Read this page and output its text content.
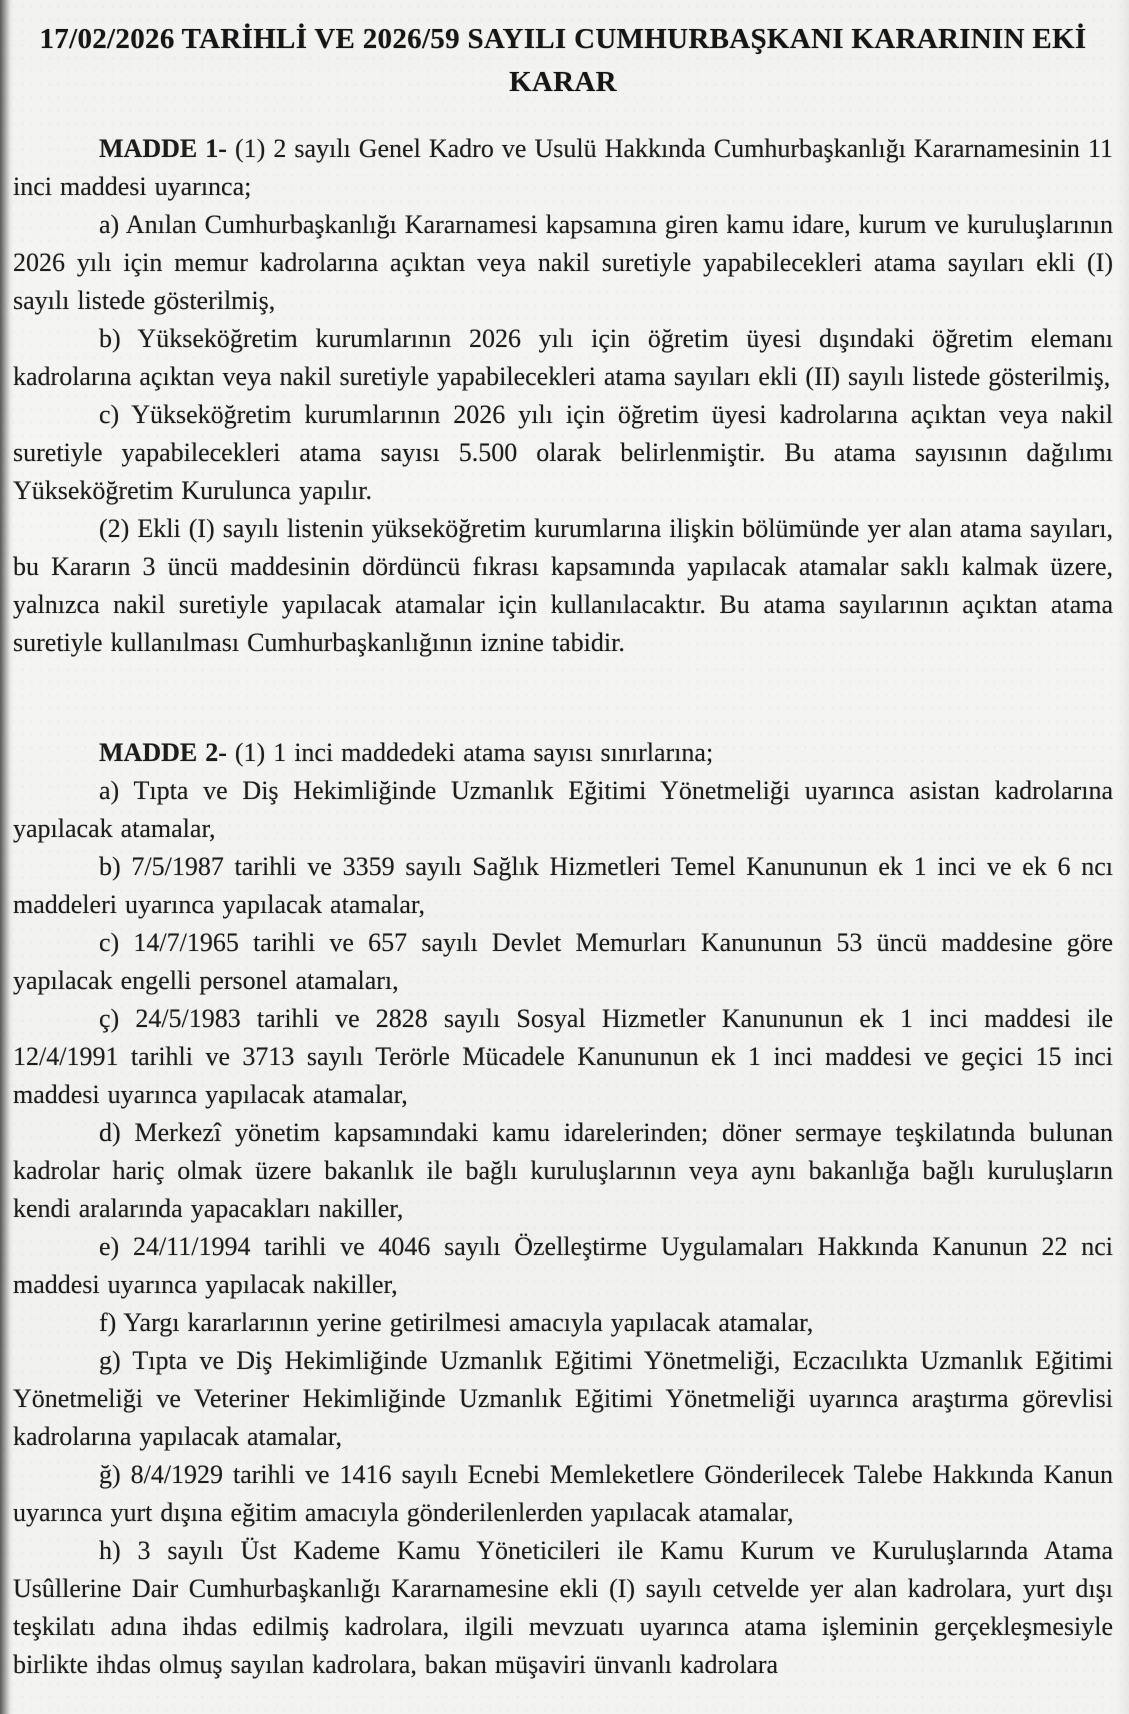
17/02/2026 TARİHLİ VE 2026/59 SAYILI CUMHURBAŞKANI KARARININ EKİ
KARAR

MADDE 1- (1) 2 sayılı Genel Kadro ve Usulü Hakkında Cumhurbaşkanlığı Kararnamesinin 11 inci maddesi uyarınca;

a) Anılan Cumhurbaşkanlığı Kararnamesi kapsamına giren kamu idare, kurum ve kuruluşlarının 2026 yılı için memur kadrolarına açıktan veya nakil suretiyle yapabilecekleri atama sayıları ekli (I) sayılı listede gösterilmiş,

b) Yükseköğretim kurumlarının 2026 yılı için öğretim üyesi dışındaki öğretim elemanı kadrolarına açıktan veya nakil suretiyle yapabilecekleri atama sayıları ekli (II) sayılı listede gösterilmiş,

c) Yükseköğretim kurumlarının 2026 yılı için öğretim üyesi kadrolarına açıktan veya nakil suretiyle yapabilecekleri atama sayısı 5.500 olarak belirlenmiştir. Bu atama sayısının dağılımı Yükseköğretim Kurulunca yapılır.

(2) Ekli (I) sayılı listenin yükseköğretim kurumlarına ilişkin bölümünde yer alan atama sayıları, bu Kararın 3 üncü maddesinin dördüncü fıkrası kapsamında yapılacak atamalar saklı kalmak üzere, yalnızca nakil suretiyle yapılacak atamalar için kullanılacaktır. Bu atama sayılarının açıktan atama suretiyle kullanılması Cumhurbaşkanlığının iznine tabidir.

MADDE 2- (1) 1 inci maddedeki atama sayısı sınırlarına;

a) Tıpta ve Diş Hekimliğinde Uzmanlık Eğitimi Yönetmeliği uyarınca asistan kadrolarına yapılacak atamalar,

b) 7/5/1987 tarihli ve 3359 sayılı Sağlık Hizmetleri Temel Kanununun ek 1 inci ve ek 6 ncı maddeleri uyarınca yapılacak atamalar,

c) 14/7/1965 tarihli ve 657 sayılı Devlet Memurları Kanununun 53 üncü maddesine göre yapılacak engelli personel atamaları,

ç) 24/5/1983 tarihli ve 2828 sayılı Sosyal Hizmetler Kanununun ek 1 inci maddesi ile 12/4/1991 tarihli ve 3713 sayılı Terörle Mücadele Kanununun ek 1 inci maddesi ve geçici 15 inci maddesi uyarınca yapılacak atamalar,

d) Merkezî yönetim kapsamındaki kamu idarelerinden; döner sermaye teşkilatında bulunan kadrolar hariç olmak üzere bakanlık ile bağlı kuruluşlarının veya aynı bakanlığa bağlı kuruluşların kendi aralarında yapacakları nakiller,

e) 24/11/1994 tarihli ve 4046 sayılı Özelleştirme Uygulamaları Hakkında Kanunun 22 nci maddesi uyarınca yapılacak nakiller,

f) Yargı kararlarının yerine getirilmesi amacıyla yapılacak atamalar,

g) Tıpta ve Diş Hekimliğinde Uzmanlık Eğitimi Yönetmeliği, Eczacılıkta Uzmanlık Eğitimi Yönetmeliği ve Veteriner Hekimliğinde Uzmanlık Eğitimi Yönetmeliği uyarınca araştırma görevlisi kadrolarına yapılacak atamalar,

ğ) 8/4/1929 tarihli ve 1416 sayılı Ecnebi Memleketlere Gönderilecek Talebe Hakkında Kanun uyarınca yurt dışına eğitim amacıyla gönderilenlerden yapılacak atamalar,

h) 3 sayılı Üst Kademe Kamu Yöneticileri ile Kamu Kurum ve Kuruluşlarında Atama Usûllerine Dair Cumhurbaşkanlığı Kararnamesine ekli (I) sayılı cetvelde yer alan kadrolara, yurt dışı teşkilatı adına ihdas edilmiş kadrolara, ilgili mevzuatı uyarınca atama işleminin gerçekleşmesiyle birlikte ihdas olmuş sayılan kadrolara, bakan müşaviri ünvanlı kadrolara
